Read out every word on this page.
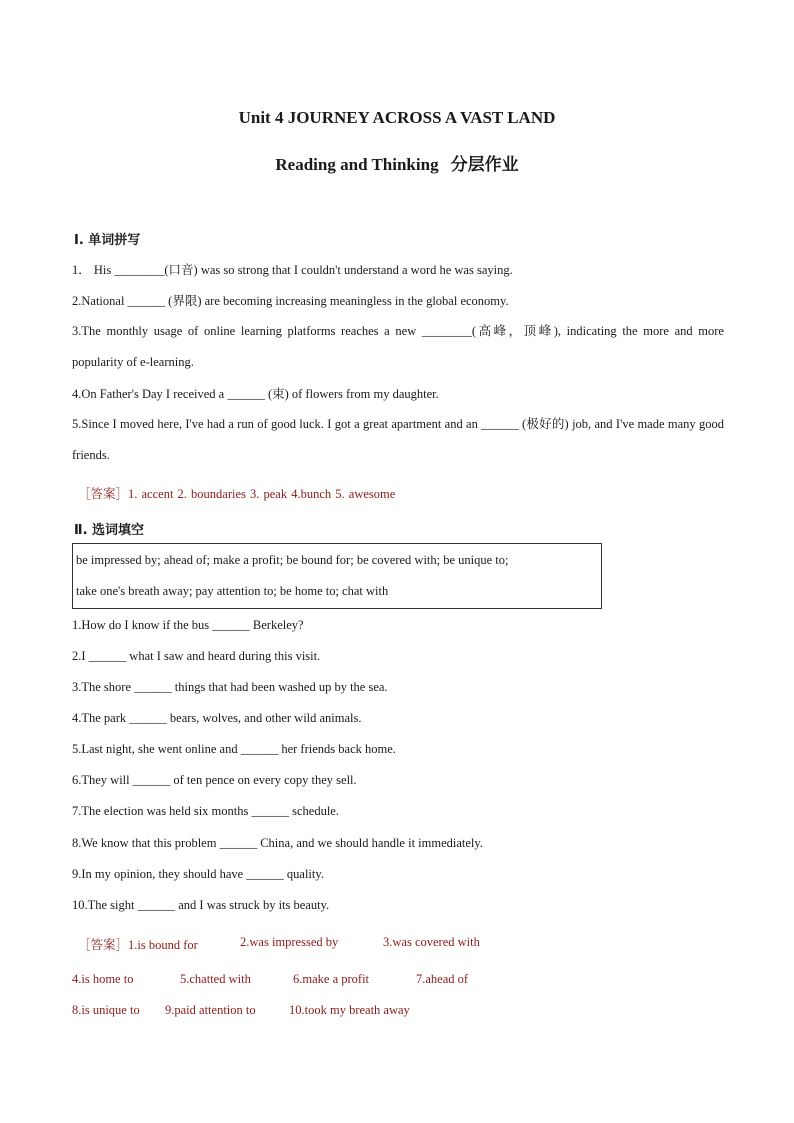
Unit 4 JOURNEY ACROSS A VAST LAND
Reading and Thinking 分层作业
Ⅰ. 单词拼写
1． His ________(口音) was so strong that I couldn't understand a word he was saying.
2.National ______ (界限) are becoming increasing meaningless in the global economy.
3.The monthly usage of online learning platforms reaches a new ________(高峰，顶峰), indicating the more and more popularity of e-learning.
4.On Father's Day I received a ______ (束) of flowers from my daughter.
5.Since I moved here, I've had a run of good luck. I got a great apartment and an ______ (极好的) job, and I've made many good friends.
［答案］1. accent 2. boundaries 3. peak 4.bunch 5. awesome
Ⅱ. 选词填空
be impressed by; ahead of; make a profit; be bound for; be covered with; be unique to;
take one's breath away; pay attention to; be home to; chat with
1.How do I know if the bus ______ Berkeley?
2.I ______ what I saw and heard during this visit.
3.The shore ______ things that had been washed up by the sea.
4.The park ______ bears, wolves, and other wild animals.
5.Last night, she went online and ______ her friends back home.
6.They will ______ of ten pence on every copy they sell.
7.The election was held six months ______ schedule.
8.We know that this problem ______ China, and we should handle it immediately.
9.In my opinion, they should have ______ quality.
10.The sight ______ and I was struck by its beauty.
［答案］1.is bound for	2.was impressed by	3.was covered with
4.is home to	5.chatted with	6.make a profit	7.ahead of
8.is unique to 9.paid attention to	10.took my breath away
